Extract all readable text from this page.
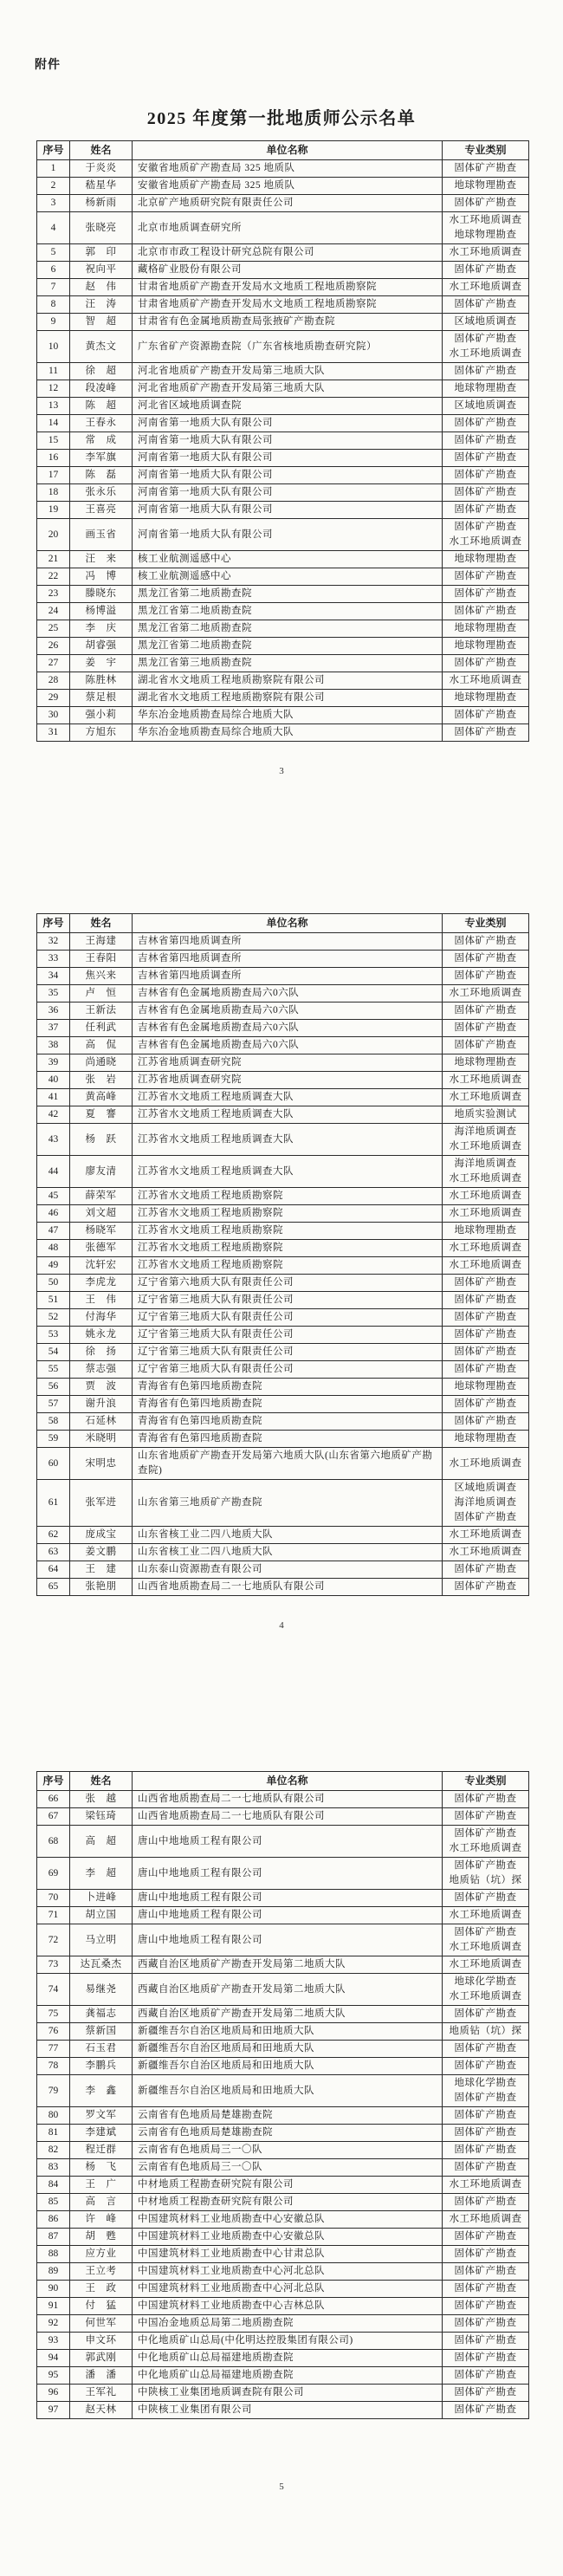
附件
2025 年度第一批地质师公示名单
序号	姓名	单位名称	专业类别
1	于炎炎	安徽省地质矿产勘查局 325 地质队	固体矿产勘查

2	嵇星华	安徽省地质矿产勘查局 325 地质队	地球物理勘查

3	杨新雨	北京矿产地质研究院有限责任公司	固体矿产勘查

4	张晓亮	北京市地质调查研究所	水工环地质调查
地球物理勘查

5	郭　印	北京市市政工程设计研究总院有限公司	水工环地质调查

6	祝向平	藏格矿业股份有限公司	固体矿产勘查

7	赵　伟	甘肃省地质矿产勘查开发局水文地质工程地质勘察院	水工环地质调查

8	汪　涛	甘肃省地质矿产勘查开发局水文地质工程地质勘察院	固体矿产勘查

9	智　超	甘肃省有色金属地质勘查局张掖矿产勘查院	区域地质调查

10	黄杰文	广东省矿产资源勘查院（广东省核地质勘查研究院）	固体矿产勘查
水工环地质调查

11	徐　超	河北省地质矿产勘查开发局第三地质大队	固体矿产勘查

12	段凌峰	河北省地质矿产勘查开发局第三地质大队	地球物理勘查

13	陈　超	河北省区域地质调查院	区域地质调查

14	王春永	河南省第一地质大队有限公司	固体矿产勘查

15	常　成	河南省第一地质大队有限公司	固体矿产勘查

16	李军旗	河南省第一地质大队有限公司	固体矿产勘查

17	陈　磊	河南省第一地质大队有限公司	固体矿产勘查

18	张永乐	河南省第一地质大队有限公司	固体矿产勘查

19	王喜亮	河南省第一地质大队有限公司	固体矿产勘查

20	画玉省	河南省第一地质大队有限公司	固体矿产勘查
水工环地质调查

21	汪　来	核工业航测遥感中心	地球物理勘查

22	冯　博	核工业航测遥感中心	固体矿产勘查

23	滕晓东	黑龙江省第二地质勘查院	固体矿产勘查

24	杨博溢	黑龙江省第二地质勘查院	固体矿产勘查

25	李　庆	黑龙江省第二地质勘查院	地球物理勘查

26	胡睿强	黑龙江省第二地质勘查院	地球物理勘查

27	姜　宇	黑龙江省第三地质勘查院	固体矿产勘查

28	陈胜林	湖北省水文地质工程地质勘察院有限公司	水工环地质调查

29	蔡足根	湖北省水文地质工程地质勘察院有限公司	地球物理勘查

30	强小莉	华东冶金地质勘查局综合地质大队	固体矿产勘查

31	方旭东	华东冶金地质勘查局综合地质大队	固体矿产勘查
3
序号	姓名	单位名称	专业类别
32	王海建	吉林省第四地质调查所	固体矿产勘查

33	王春阳	吉林省第四地质调查所	固体矿产勘查

34	焦兴来	吉林省第四地质调查所	固体矿产勘查

35	卢　恒	吉林省有色金属地质勘查局六0六队	水工环地质调查

36	王新法	吉林省有色金属地质勘查局六0六队	固体矿产勘查

37	任利武	吉林省有色金属地质勘查局六0六队	固体矿产勘查

38	高　侃	吉林省有色金属地质勘查局六0六队	固体矿产勘查

39	尚通晓	江苏省地质调查研究院	地球物理勘查

40	张　岩	江苏省地质调查研究院	水工环地质调查

41	黄高峰	江苏省水文地质工程地质调查大队	水工环地质调查

42	夏　謇	江苏省水文地质工程地质调查大队	地质实验测试

43	杨　跃	江苏省水文地质工程地质调查大队	海洋地质调查
水工环地质调查

44	廖友清	江苏省水文地质工程地质调查大队	海洋地质调查
水工环地质调查

45	薛荣军	江苏省水文地质工程地质勘察院	水工环地质调查

46	刘文超	江苏省水文地质工程地质勘察院	水工环地质调查

47	杨晓军	江苏省水文地质工程地质勘察院	地球物理勘查

48	张德军	江苏省水文地质工程地质勘察院	水工环地质调查

49	沈轩宏	江苏省水文地质工程地质勘察院	水工环地质调查

50	李虎龙	辽宁省第六地质大队有限责任公司	固体矿产勘查

51	王　伟	辽宁省第三地质大队有限责任公司	固体矿产勘查

52	付海华	辽宁省第三地质大队有限责任公司	固体矿产勘查

53	姚永龙	辽宁省第三地质大队有限责任公司	固体矿产勘查

54	徐　扬	辽宁省第三地质大队有限责任公司	固体矿产勘查

55	蔡志强	辽宁省第三地质大队有限责任公司	固体矿产勘查

56	贾　波	青海省有色第四地质勘查院	地球物理勘查

57	谢升浪	青海省有色第四地质勘查院	固体矿产勘查

58	石延林	青海省有色第四地质勘查院	固体矿产勘查

59	米晓明	青海省有色第四地质勘查院	地球物理勘查

60	宋明忠	山东省地质矿产勘查开发局第六地质大队(山东省第六地质矿产勘查院)	水工环地质调查

61	张军进	山东省第三地质矿产勘查院	区域地质调查
海洋地质调查
固体矿产勘查

62	庞成宝	山东省核工业二四八地质大队	水工环地质调查

63	姜文鹏	山东省核工业二四八地质大队	水工环地质调查

64	王　建	山东泰山资源勘查有限公司	固体矿产勘查

65	张艳朋	山西省地质勘查局二一七地质队有限公司	固体矿产勘查
4
序号	姓名	单位名称	专业类别
66	张　越	山西省地质勘查局二一七地质队有限公司	固体矿产勘查

67	梁钰琦	山西省地质勘查局二一七地质队有限公司	固体矿产勘查

68	高　超	唐山中地地质工程有限公司	固体矿产勘查
水工环地质调查

69	李　超	唐山中地地质工程有限公司	固体矿产勘查
地质钻（坑）探

70	卜进峰	唐山中地地质工程有限公司	固体矿产勘查

71	胡立国	唐山中地地质工程有限公司	水工环地质调查

72	马立明	唐山中地地质工程有限公司	固体矿产勘查
水工环地质调查

73	达瓦桑杰	西藏自治区地质矿产勘查开发局第二地质大队	水工环地质调查

74	易继尧	西藏自治区地质矿产勘查开发局第二地质大队	地球化学勘查
水工环地质调查

75	龚福志	西藏自治区地质矿产勘查开发局第二地质大队	固体矿产勘查

76	蔡新国	新疆维吾尔自治区地质局和田地质大队	地质钻（坑）探

77	石玉君	新疆维吾尔自治区地质局和田地质大队	固体矿产勘查

78	李鹏兵	新疆维吾尔自治区地质局和田地质大队	固体矿产勘查

79	李　鑫	新疆维吾尔自治区地质局和田地质大队	地球化学勘查
固体矿产勘查

80	罗文军	云南省有色地质局楚雄勘查院	固体矿产勘查

81	李建斌	云南省有色地质局楚雄勘查院	固体矿产勘查

82	程迁群	云南省有色地质局三一〇队	固体矿产勘查

83	杨　飞	云南省有色地质局三一〇队	固体矿产勘查

84	王　广	中材地质工程勘查研究院有限公司	水工环地质调查

85	高　言	中材地质工程勘查研究院有限公司	固体矿产勘查

86	许　峰	中国建筑材料工业地质勘查中心安徽总队	水工环地质调查

87	胡　甦	中国建筑材料工业地质勘查中心安徽总队	固体矿产勘查

88	应方业	中国建筑材料工业地质勘查中心甘肃总队	固体矿产勘查

89	王立考	中国建筑材料工业地质勘查中心河北总队	固体矿产勘查

90	王　政	中国建筑材料工业地质勘查中心河北总队	固体矿产勘查

91	付　猛	中国建筑材料工业地质勘查中心吉林总队	固体矿产勘查

92	何世军	中国冶金地质总局第二地质勘查院	固体矿产勘查

93	申文环	中化地质矿山总局(中化明达控股集团有限公司)	固体矿产勘查

94	郭武刚	中化地质矿山总局福建地质勘查院	固体矿产勘查

95	潘　潘	中化地质矿山总局福建地质勘查院	固体矿产勘查

96	王军礼	中陕核工业集团地质调查院有限公司	固体矿产勘查

97	赵天林	中陕核工业集团有限公司	固体矿产勘查
5
